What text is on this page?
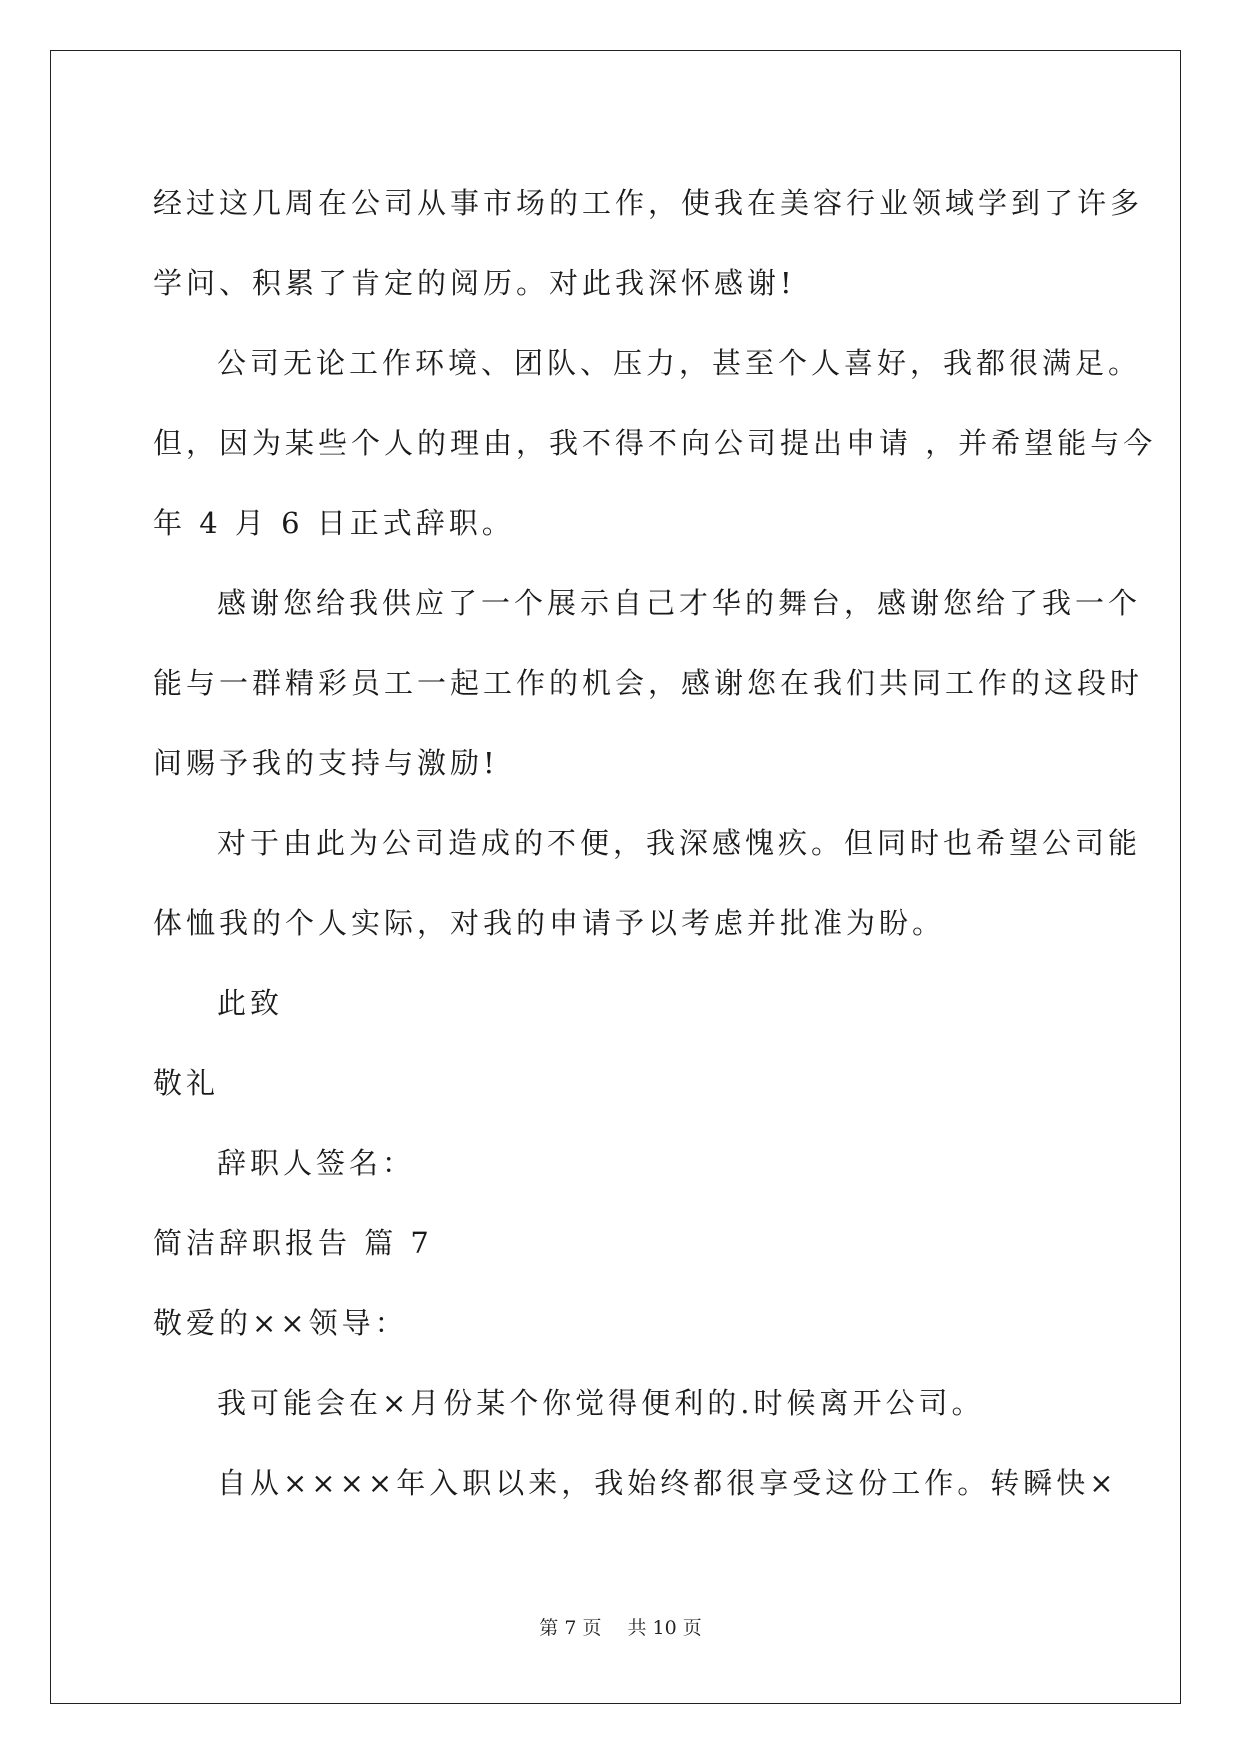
经过这几周在公司从事市场的工作，使我在美容行业领域学到了许多
学问、积累了肯定的阅历。对此我深怀感谢!
公司无论工作环境、团队、压力，甚至个人喜好，我都很满足。
但，因为某些个人的理由，我不得不向公司提出申请 ，并希望能与今
年 4 月 6 日正式辞职。
感谢您给我供应了一个展示自己才华的舞台，感谢您给了我一个
能与一群精彩员工一起工作的机会，感谢您在我们共同工作的这段时
间赐予我的支持与激励!
对于由此为公司造成的不便，我深感愧疚。但同时也希望公司能
体恤我的个人实际，对我的申请予以考虑并批准为盼。
此致
敬礼
辞职人签名：
简洁辞职报告 篇 7
敬爱的××领导：
我可能会在×月份某个你觉得便利的.时候离开公司。
自从××××年入职以来，我始终都很享受这份工作。转瞬快×
第 7 页 共 10 页
